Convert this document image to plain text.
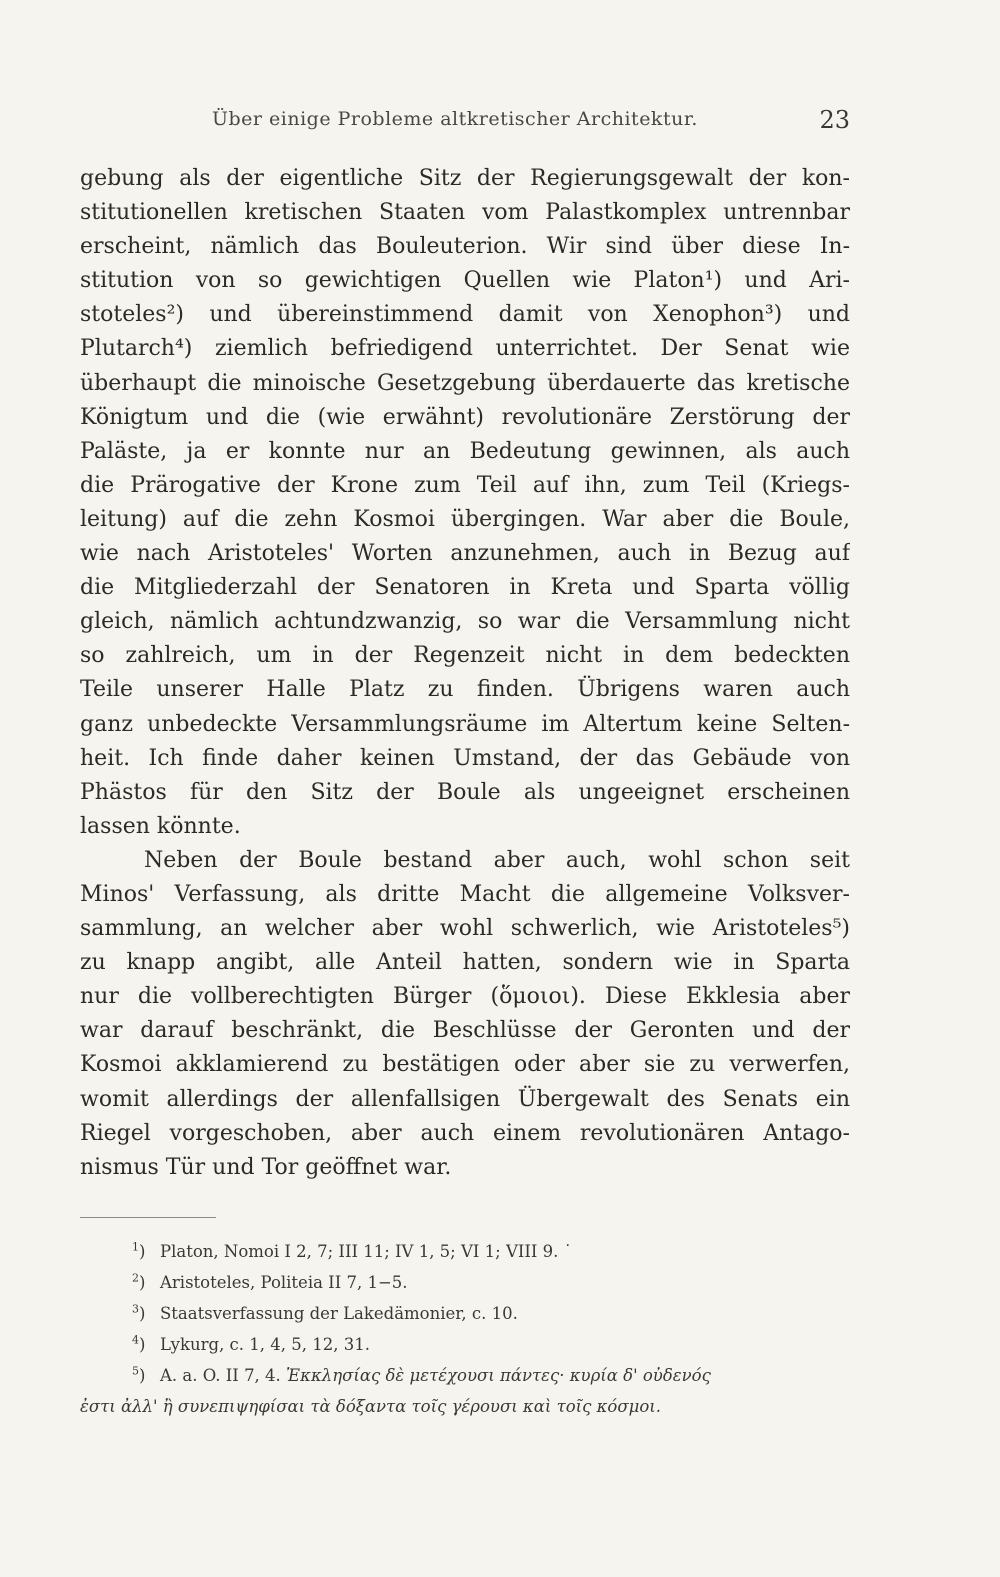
Über einige Probleme altkretischer Architektur.	23
gebung als der eigentliche Sitz der Regierungsgewalt der kon-
stitutionellen kretischen Staaten vom Palastkomplex untrennbar
erscheint, nämlich das Bouleuterion. Wir sind über diese In-
stitution von so gewichtigen Quellen wie Platon¹) und Ari-
stoteles²) und übereinstimmend damit von Xenophon³) und
Plutarch⁴) ziemlich befriedigend unterrichtet. Der Senat wie
überhaupt die minoische Gesetzgebung überdauerte das kretische
Königtum und die (wie erwähnt) revolutionäre Zerstörung der
Paläste, ja er konnte nur an Bedeutung gewinnen, als auch
die Prärogative der Krone zum Teil auf ihn, zum Teil (Kriegs-
leitung) auf die zehn Kosmoi übergingen. War aber die Boule,
wie nach Aristoteles' Worten anzunehmen, auch in Bezug auf
die Mitgliederzahl der Senatoren in Kreta und Sparta völlig
gleich, nämlich achtundzwanzig, so war die Versammlung nicht
so zahlreich, um in der Regenzeit nicht in dem bedeckten
Teile unserer Halle Platz zu finden. Übrigens waren auch
ganz unbedeckte Versammlungsräume im Altertum keine Selten-
heit. Ich finde daher keinen Umstand, der das Gebäude von
Phästos für den Sitz der Boule als ungeeignet erscheinen
lassen könnte.
Neben der Boule bestand aber auch, wohl schon seit
Minos' Verfassung, als dritte Macht die allgemeine Volksver-
sammlung, an welcher aber wohl schwerlich, wie Aristoteles⁵)
zu knapp angibt, alle Anteil hatten, sondern wie in Sparta
nur die vollberechtigten Bürger (ὅμοιοι). Diese Ekklesia aber
war darauf beschränkt, die Beschlüsse der Geronten und der
Kosmoi akklamierend zu bestätigen oder aber sie zu verwerfen,
womit allerdings der allenfallsigen Übergewalt des Senats ein
Riegel vorgeschoben, aber auch einem revolutionären Antago-
nismus Tür und Tor geöffnet war.
$^1$) Platon, Nomoi I 2, 7; III 11; IV 1, 5; VI 1; VIII 9. ˙
$^2$) Aristoteles, Politeia II 7, 1−5.
$^3$) Staatsverfassung der Lakedämonier, c. 10.
$^4$) Lykurg, c. 1, 4, 5, 12, 31.
$^5$) A. a. O. II 7, 4. Ἐκκλησίας δὲ μετέχουσι πάντες· κυρία δ' οὐδενός
ἐστι ἀλλ' ἢ συνεπιψηφίσαι τὰ δόξαντα τοῖς γέρουσι καὶ τοῖς κόσμοι.
